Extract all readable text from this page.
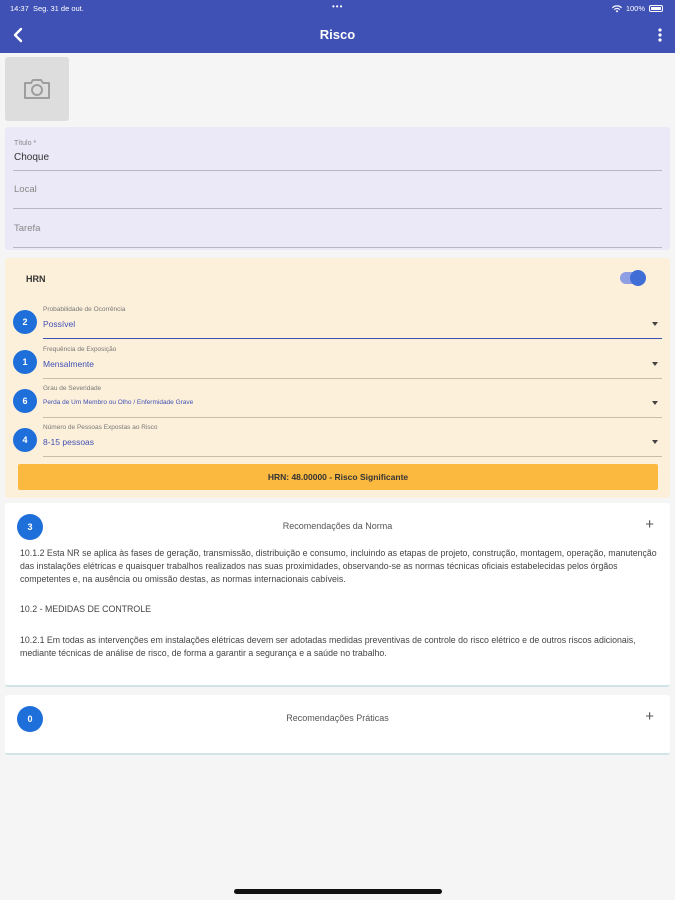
14:37 Seg. 31 de out.	•••	100%
Risco
Título *
Choque
Local
Tarefa
HRN
2
Probabilidade de Ocorrência
Possível
1
Frequência de Exposição
Mensalmente
6
Grau de Severidade
Perda de Um Membro ou Olho / Enfermidade Grave
4
Número de Pessoas Expostas ao Risco
8-15 pessoas
HRN: 48.00000 - Risco Significante
3	Recomendações da Norma	+

10.1.2 Esta NR se aplica às fases de geração, transmissão, distribuição e consumo, incluindo as etapas de projeto, construção, montagem, operação, manutenção das instalações elétricas e quaisquer trabalhos realizados nas suas proximidades, observando-se as normas técnicas oficiais estabelecidas pelos órgãos competentes e, na ausência ou omissão destas, as normas internacionais cabíveis.

10.2 - MEDIDAS DE CONTROLE

10.2.1 Em todas as intervenções em instalações elétricas devem ser adotadas medidas preventivas de controle do risco elétrico e de outros riscos adicionais, mediante técnicas de análise de risco, de forma a garantir a segurança e a saúde no trabalho.

0	Recomendações Práticas	+
